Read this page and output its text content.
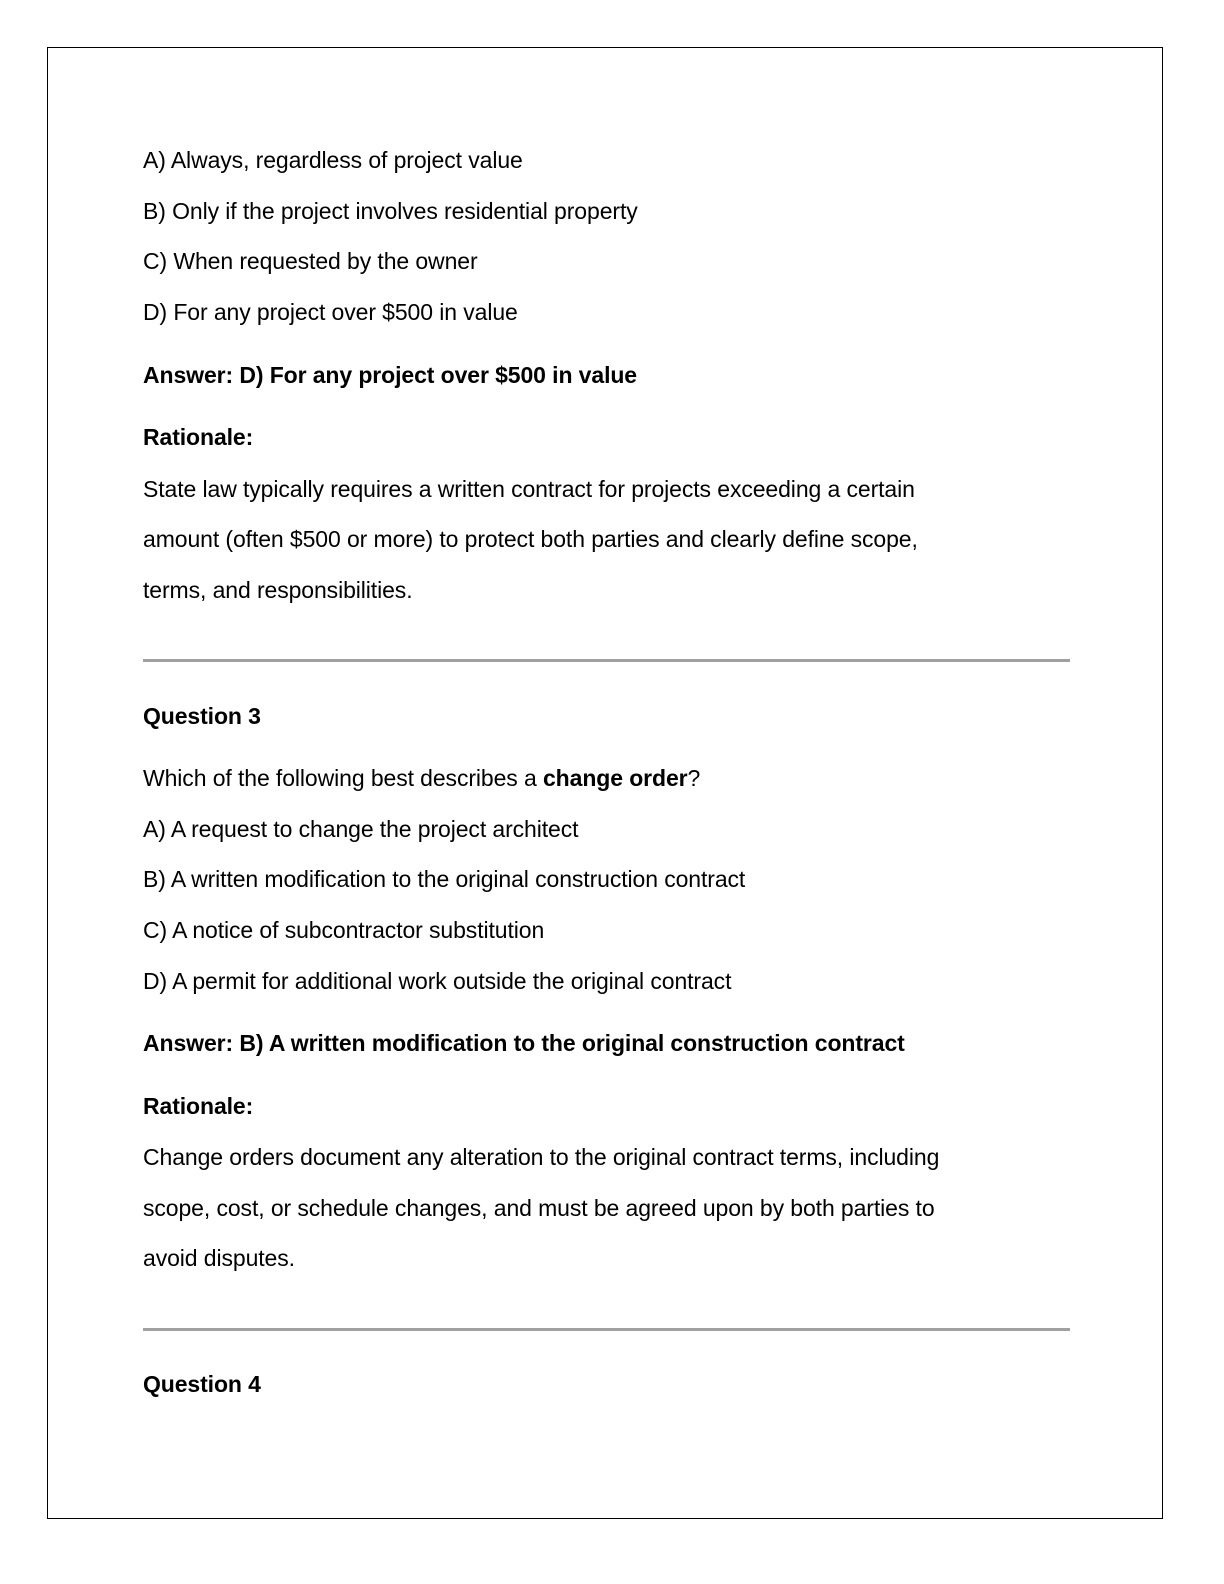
A) Always, regardless of project value
B) Only if the project involves residential property
C) When requested by the owner
D) For any project over $500 in value
Answer: D) For any project over $500 in value
Rationale:
State law typically requires a written contract for projects exceeding a certain
amount (often $500 or more) to protect both parties and clearly define scope,
terms, and responsibilities.
Question 3
Which of the following best describes a change order?
A) A request to change the project architect
B) A written modification to the original construction contract
C) A notice of subcontractor substitution
D) A permit for additional work outside the original contract
Answer: B) A written modification to the original construction contract
Rationale:
Change orders document any alteration to the original contract terms, including
scope, cost, or schedule changes, and must be agreed upon by both parties to
avoid disputes.
Question 4
